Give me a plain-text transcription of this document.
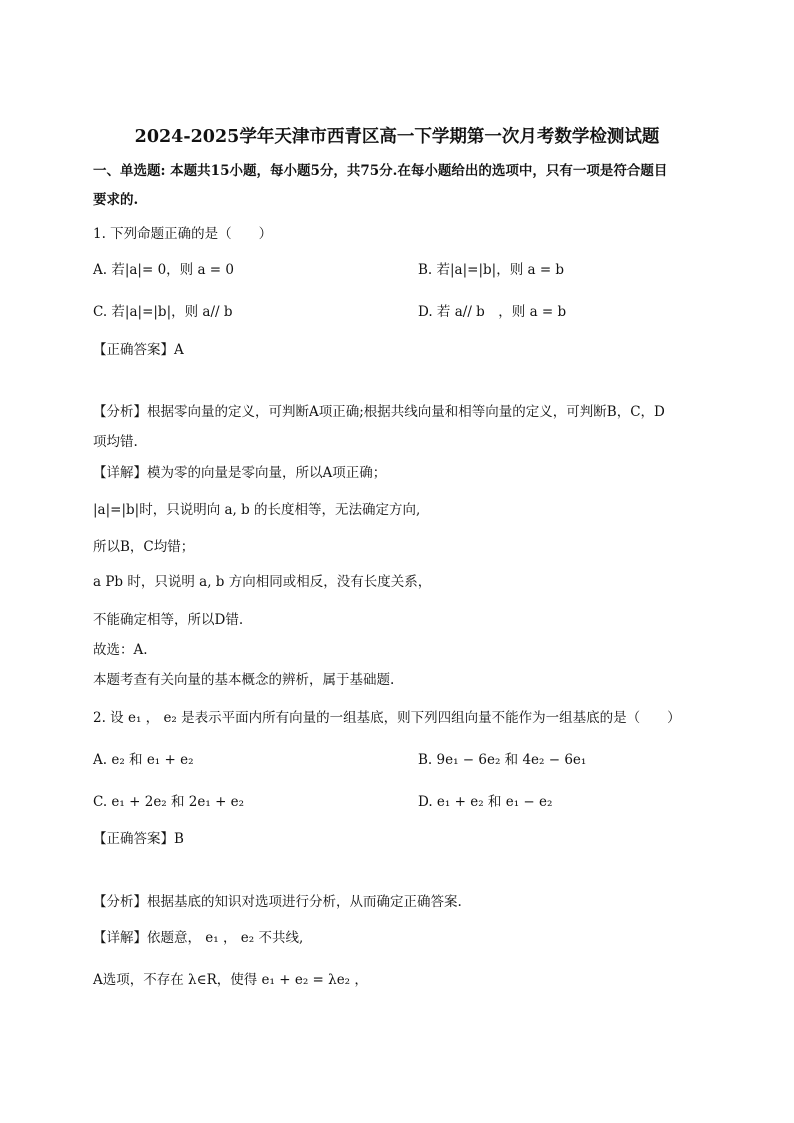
2024-2025学年天津市西青区高一下学期第一次月考数学检测试题
一、单选题: 本题共15小题，每小题5分，共75分.在每小题给出的选项中，只有一项是符合题目
要求的.
1. 下列命题正确的是（　　）
A. 若|a|= 0，则 a = 0	B. 若|a|=|b|，则 a = b
C. 若|a|=|b|，则 a// b	D. 若 a// b　，则 a = b
【正确答案】A
【分析】根据零向量的定义，可判断A项正确;根据共线向量和相等向量的定义，可判断B，C，D
项均错.
【详解】模为零的向量是零向量，所以A项正确；
|a|=|b|时，只说明向 a, b 的长度相等，无法确定方向,
所以B，C均错；
a Pb 时，只说明 a, b 方向相同或相反，没有长度关系，
不能确定相等，所以D错.
故选：A.
本题考查有关向量的基本概念的辨析，属于基础题.
2. 设 e₁ ， e₂ 是表示平面内所有向量的一组基底，则下列四组向量不能作为一组基底的是（　　）
A. e₂ 和 e₁ + e₂	B. 9e₁ − 6e₂ 和 4e₂ − 6e₁
C. e₁ + 2e₂ 和 2e₁ + e₂	D. e₁ + e₂ 和 e₁ − e₂
【正确答案】B
【分析】根据基底的知识对选项进行分析，从而确定正确答案.
【详解】依题意， e₁ ， e₂ 不共线,
A选项，不存在 λ∈R，使得 e₁ + e₂ = λe₂ ，
